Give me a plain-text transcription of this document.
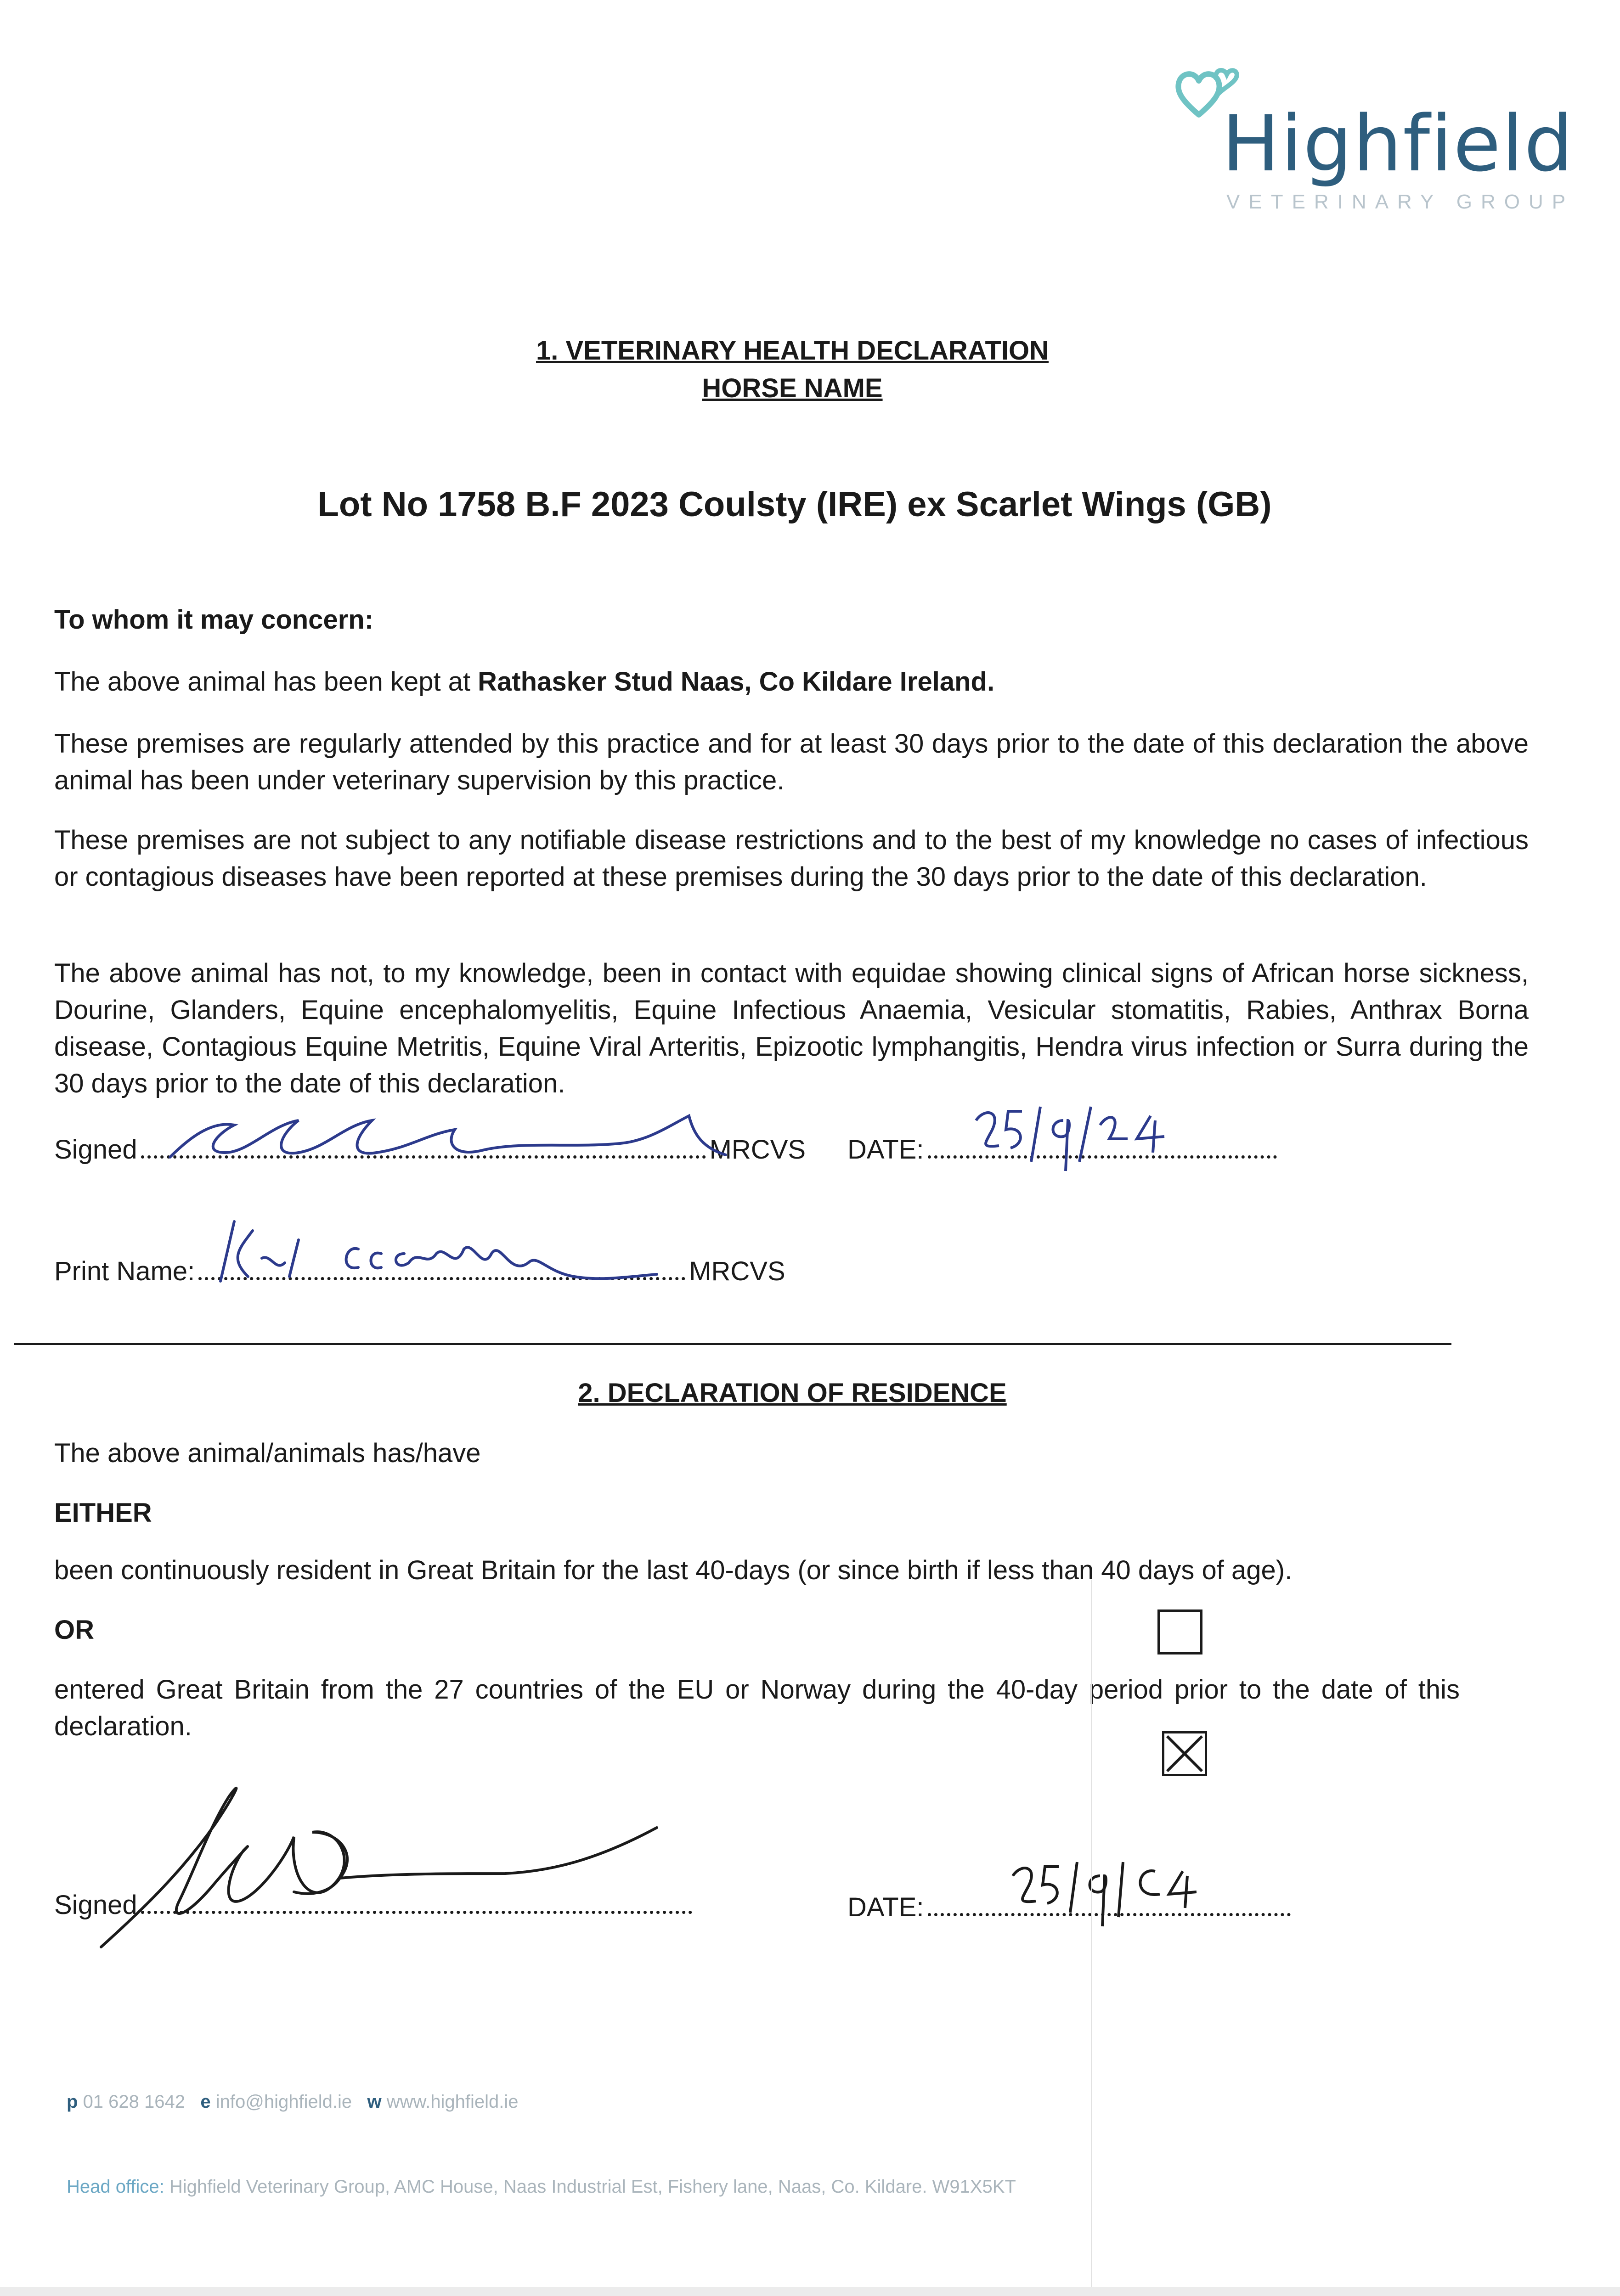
Highfield
VETERINARY GROUP
1. VETERINARY HEALTH DECLARATION
HORSE NAME
Lot No 1758 B.F 2023 Coulsty (IRE) ex Scarlet Wings (GB)
To whom it may concern:
The above animal has been kept at Rathasker Stud Naas, Co Kildare Ireland.
These premises are regularly attended by this practice and for at least 30 days prior to the date of this declaration the above animal has been under veterinary supervision by this practice.
These premises are not subject to any notifiable disease restrictions and to the best of my knowledge no cases of infectious or contagious diseases have been reported at these premises during the 30 days prior to the date of this declaration.
The above animal has not, to my knowledge, been in contact with equidae showing clinical signs of African horse sickness, Dourine, Glanders, Equine encephalomyelitis, Equine Infectious Anaemia, Vesicular stomatitis, Rabies, Anthrax Borna disease, Contagious Equine Metritis, Equine Viral Arteritis, Epizootic lymphangitis, Hendra virus infection or Surra during the 30 days prior to the date of this declaration.
Signed	MRCVS DATE:
Print Name:	MRCVS
2. DECLARATION OF RESIDENCE
The above animal/animals has/have
EITHER
been continuously resident in Great Britain for the last 40-days (or since birth if less than 40 days of age).
OR
entered Great Britain from the 27 countries of the EU or Norway during the 40-day period prior to the date of this declaration.
Signed	DATE:
p 01 628 1642 e info@highfield.ie w www.highfield.ie
Head office: Highfield Veterinary Group, AMC House, Naas Industrial Est, Fishery lane, Naas, Co. Kildare. W91X5KT
